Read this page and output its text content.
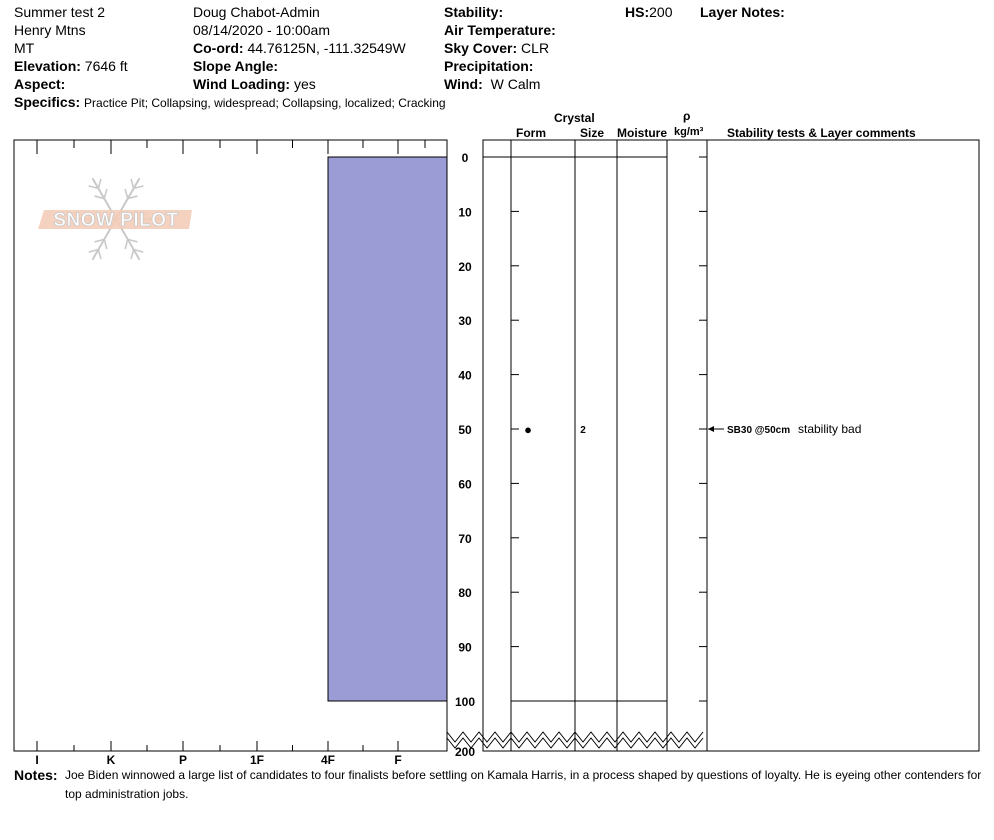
Summer test 2
Henry Mtns
MT
Elevation: 7646 ft
Aspect:
Doug Chabot-Admin
08/14/2020 - 10:00am
Co-ord: 44.76125N, -111.32549W
Slope Angle:
Wind Loading: yes
Stability:
Air Temperature:
Sky Cover: CLR
Precipitation:
Wind: W Calm
HS:200 Layer Notes:
Specifics: Practice Pit; Collapsing, widespread; Collapsing, localized; Cracking
Crystal
Form	Size Moisture
ρ
kg/m³ Stability tests & Layer comments
SNOW PILOT
I	K	P	1F	4F	F
0
10
20
30
40
50
60
70
80
90
100
200
●	2	SB30 @50cm stability bad
Notes: Joe Biden winnowed a large list of candidates to four finalists before settling on Kamala Harris, in a process shaped by questions of loyalty. He is eyeing other contenders for top administration jobs.
